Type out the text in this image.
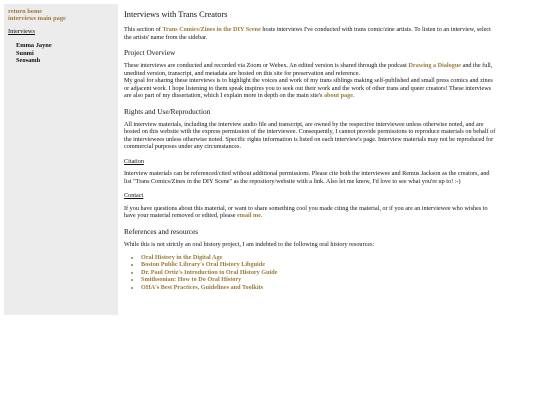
return home
interviews main page
Interviews
Emma Jayne
Sunmi
Seosamh
Interviews with Trans Creators

This section of Trans Comics/Zines in the DIY Scene hosts interviews I've conducted with trans comic/zine artists. To listen to an interview, select the artists' name from the sidebar.

Project Overview

These interviews are conducted and recorded via Zoom or Webex. An edited version is shared through the podcast Drawing a Dialogue and the full, unedited version, transcript, and metadata are hosted on this site for preservation and reference.
My goal for sharing these interviews is to highlight the voices and work of my trans siblings making self-published and small press comics and zines or adjacent work. I hope listening to them speak inspires you to seek out their work and the work of other trans and queer creators! These interviews are also part of my dissertation, which I explain more in depth on the main site's about page.

Rights and Use/Reproduction

All interview materials, including the interview audio file and transcript, are owned by the respective interviewee unless otherwise noted, and are hosted on this website with the express permission of the interviewee. Consequently, I cannot provide permissions to reproduce materials on behalf of the interviewees unless otherwise noted. Specific rights information is listed on each interview's page. Interview materials may not be reproduced for commercial purposes under any circumstances.

Citation

Interview materials can be referenced/cited without additional permissions. Please cite both the interviewee and Remus Jackson as the creators, and list "Trans Comics/Zines in the DIY Scene" as the repository/website with a link. Also let me know, I'd love to see what you're up to! :-)

Contact

If you have questions about this material, or want to share something cool you made citing the material, or if you are an interviewee who wishes to have your material removed or edited, please email me.

References and resources

While this is not strictly an oral history project, I am indebted to the following oral history resources:

• Oral History in the Digital Age
• Boston Public Library's Oral History Libguide
• Dr. Paul Ortiz's Introduction to Oral History Guide
• Smithsonian: How to Do Oral History
• OHA's Best Practices, Guidelines and Toolkits
